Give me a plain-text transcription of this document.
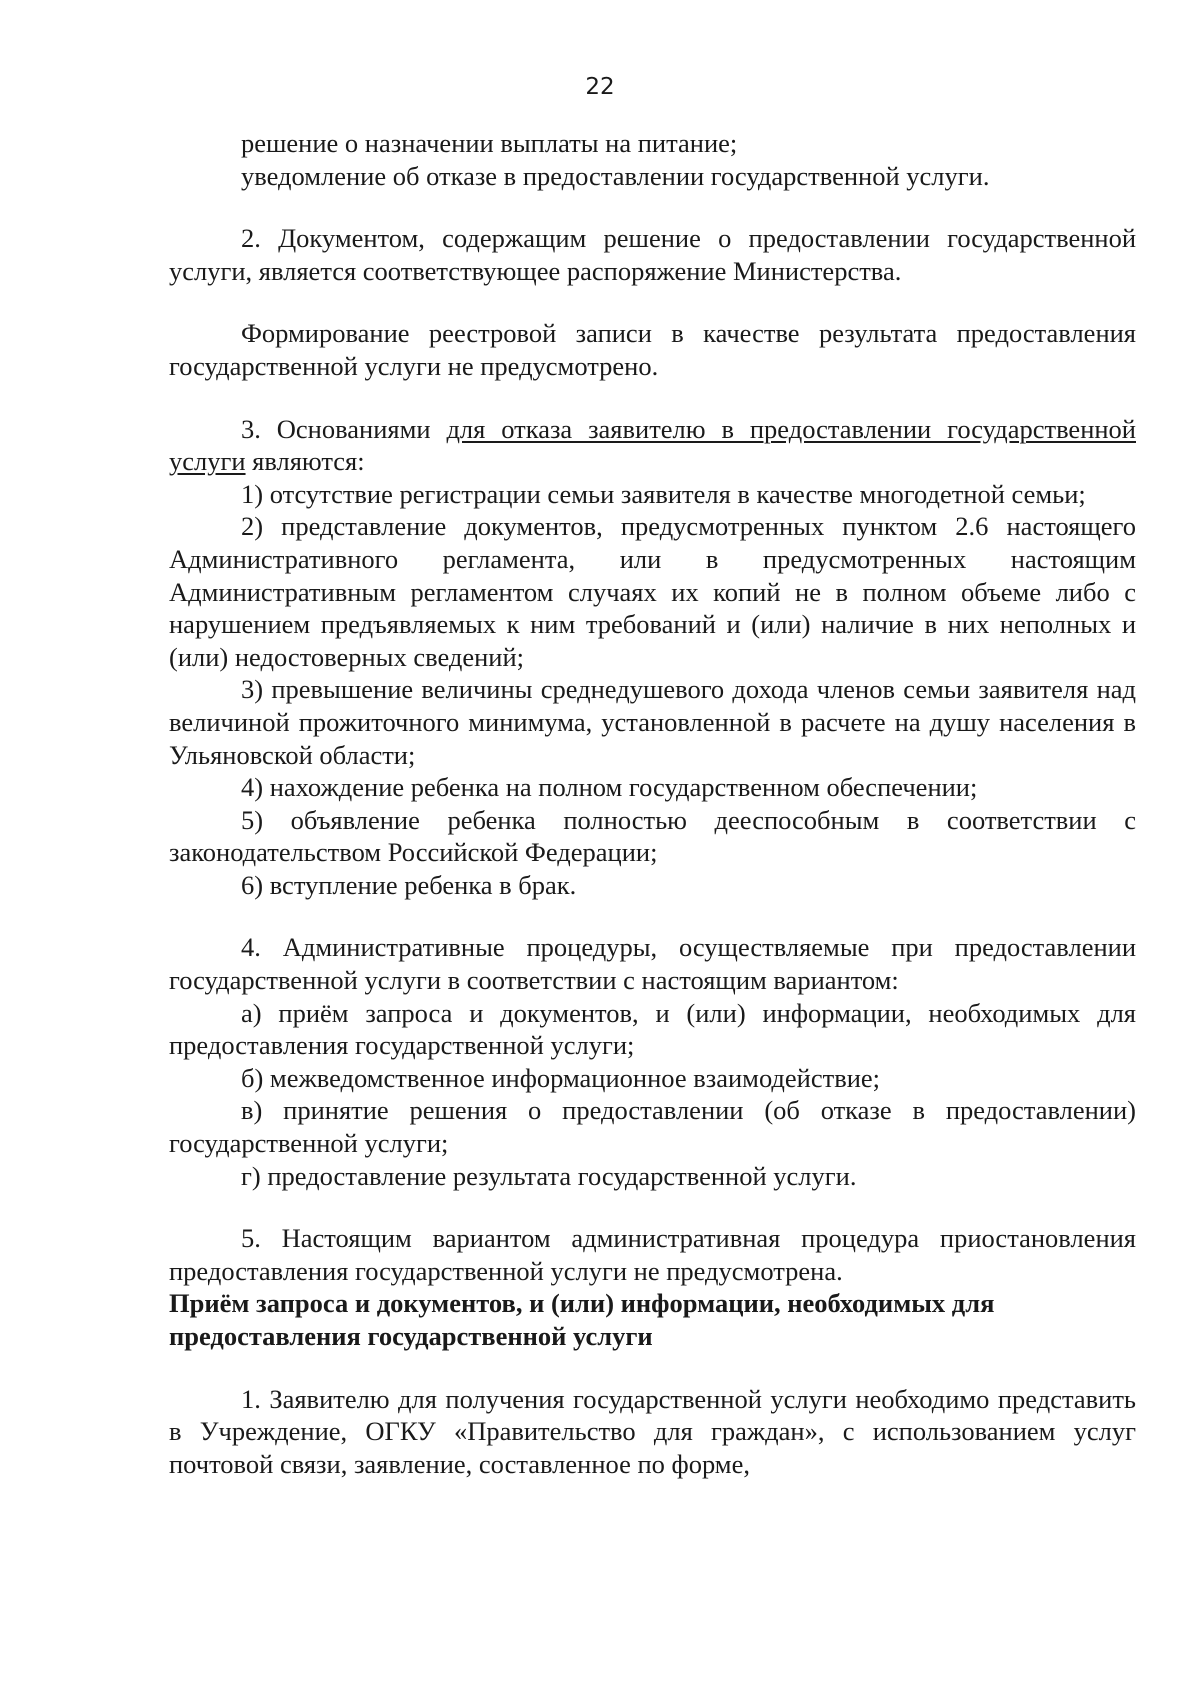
22

решение о назначении выплаты на питание;

уведомление об отказе в предоставлении государственной услуги.

2. Документом, содержащим решение о предоставлении государственной услуги, является соответствующее распоряжение Министерства.

Формирование реестровой записи в качестве результата предоставления государственной услуги не предусмотрено.

3. Основаниями для отказа заявителю в предоставлении государственной услуги являются:

1) отсутствие регистрации семьи заявителя в качестве многодетной семьи;

2) представление документов, предусмотренных пунктом 2.6 настоящего Административного регламента, или в предусмотренных настоящим Административным регламентом случаях их копий не в полном объеме либо с нарушением предъявляемых к ним требований и (или) наличие в них неполных и (или) недостоверных сведений;

3) превышение величины среднедушевого дохода членов семьи заявителя над величиной прожиточного минимума, установленной в расчете на душу населения в Ульяновской области;

4) нахождение ребенка на полном государственном обеспечении;

5) объявление ребенка полностью дееспособным в соответствии с законодательством Российской Федерации;

6) вступление ребенка в брак.

4. Административные процедуры, осуществляемые при предоставлении государственной услуги в соответствии с настоящим вариантом:

а) приём запроса и документов, и (или) информации, необходимых для предоставления государственной услуги;

б) межведомственное информационное взаимодействие;

в) принятие решения о предоставлении (об отказе в предоставлении) государственной услуги;

г) предоставление результата государственной услуги.

5. Настоящим вариантом административная процедура приостановления предоставления государственной услуги не предусмотрена.

Приём запроса и документов, и (или) информации, необходимых для
предоставления государственной услуги

1. Заявителю для получения государственной услуги необходимо представить в Учреждение, ОГКУ «Правительство для граждан», с использованием услуг почтовой связи, заявление, составленное по форме,
